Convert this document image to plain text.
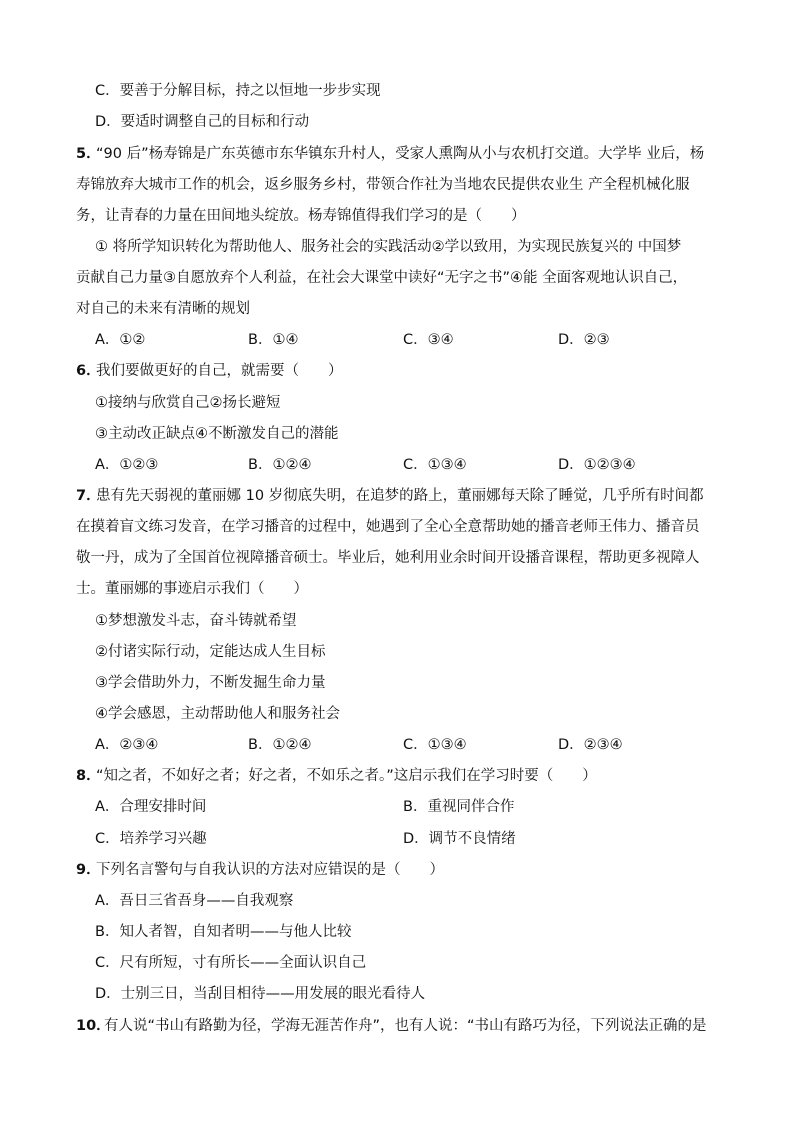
C．要善于分解目标，持之以恒地一步步实现
D．要适时调整自己的目标和行动
5．
“90 后”杨寿锦是广东英德市东华镇东升村人，受家人熏陶从小与农机打交道。大学毕 业后，杨
寿锦放弃大城市工作的机会，返乡服务乡村，带领合作社为当地农民提供农业生 产全程机械化服
务，让青春的力量在田间地头绽放。杨寿锦值得我们学习的是（　　）
① 将所学知识转化为帮助他人、服务社会的实践活动②学以致用，为实现民族复兴的 中国梦
贡献自己力量③自愿放弃个人利益，在社会大课堂中读好“无字之书”④能 全面客观地认识自己，
对自己的未来有清晰的规划
A．①②	B．①④	C．③④	D．②③
6．
我们要做更好的自己，就需要（　　）
①接纳与欣赏自己②扬长避短
③主动改正缺点④不断激发自己的潜能
A．①②③	B．①②④	C．①③④	D．①②③④
7．
患有先天弱视的董丽娜 10 岁彻底失明，在追梦的路上，董丽娜每天除了睡觉，几乎所有时间都
在摸着盲文练习发音，在学习播音的过程中，她遇到了全心全意帮助她的播音老师王伟力、播音员
敬一丹，成为了全国首位视障播音硕士。毕业后，她利用业余时间开设播音课程，帮助更多视障人
士。董丽娜的事迹启示我们（　　）
①梦想激发斗志，奋斗铸就希望
②付诸实际行动，定能达成人生目标
③学会借助外力，不断发掘生命力量
④学会感恩，主动帮助他人和服务社会
A．②③④	B．①②④	C．①③④	D．②③④
8．
“知之者，不如好之者；好之者，不如乐之者。”这启示我们在学习时要（　　）
A．合理安排时间	B．重视同伴合作
C．培养学习兴趣	D．调节不良情绪
9．
下列名言警句与自我认识的方法对应错误的是（　　）
A．吾日三省吾身——自我观察
B．知人者智，自知者明——与他人比较
C．尺有所短，寸有所长——全面认识自己
D．士别三日，当刮目相待——用发展的眼光看待人
10．
有人说“书山有路勤为径，学海无涯苦作舟”，也有人说：“书山有路巧为径，下列说法正确的是
